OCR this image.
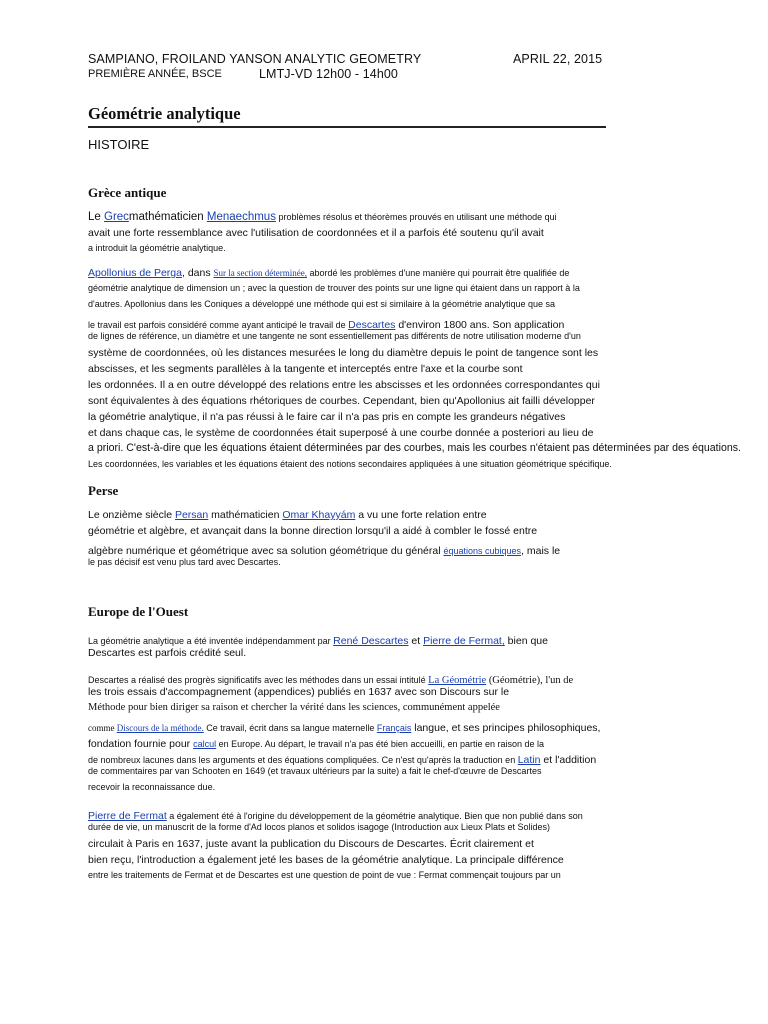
SAMPIANO, FROILAND YANSON ANALYTIC GEOMETRY	APRIL 22, 2015
PREMIÈRE ANNÉE, BSCE	LMTJ-VD 12h00 - 14h00
Géométrie analytique
HISTOIRE
Grèce antique
Le Grecmathématicien Menaechmus problèmes résolus et théorèmes prouvés en utilisant une méthode qui
avait une forte ressemblance avec l'utilisation de coordonnées et il a parfois été soutenu qu'il avait
a introduit la géométrie analytique.
Apollonius de Perga, dans Sur la section déterminée, abordé les problèmes d'une manière qui pourrait être qualifiée de
géométrie analytique de dimension un ; avec la question de trouver des points sur une ligne qui étaient dans un rapport à la
d'autres. Apollonius dans les Coniques a développé une méthode qui est si similaire à la géométrie analytique que sa
le travail est parfois considéré comme ayant anticipé le travail de Descartes d'environ 1800 ans. Son application
de lignes de référence, un diamètre et une tangente ne sont essentiellement pas différents de notre utilisation moderne d'un
système de coordonnées, où les distances mesurées le long du diamètre depuis le point de tangence sont les
abscisses, et les segments parallèles à la tangente et interceptés entre l'axe et la courbe sont
les ordonnées. Il a en outre développé des relations entre les abscisses et les ordonnées correspondantes qui
sont équivalentes à des équations rhétoriques de courbes. Cependant, bien qu'Apollonius ait failli développer
la géométrie analytique, il n'a pas réussi à le faire car il n'a pas pris en compte les grandeurs négatives
et dans chaque cas, le système de coordonnées était superposé à une courbe donnée a posteriori au lieu de
a priori. C'est-à-dire que les équations étaient déterminées par des courbes, mais les courbes n'étaient pas déterminées par des équations.
Les coordonnées, les variables et les équations étaient des notions secondaires appliquées à une situation géométrique spécifique.
Perse
Le onzième siècle Persan mathématicien Omar Khayyám a vu une forte relation entre
géométrie et algèbre, et avançait dans la bonne direction lorsqu'il a aidé à combler le fossé entre
algèbre numérique et géométrique avec sa solution géométrique du général équations cubiques, mais le
le pas décisif est venu plus tard avec Descartes.
Europe de l'Ouest
La géométrie analytique a été inventée indépendamment par René Descartes et Pierre de Fermat, bien que
Descartes est parfois crédité seul.
Descartes a réalisé des progrès significatifs avec les méthodes dans un essai intitulé La Géométrie (Géométrie), l'un de
les trois essais d'accompagnement (appendices) publiés en 1637 avec son Discours sur le
Méthode pour bien diriger sa raison et chercher la vérité dans les sciences, communément appelée
comme Discours de la méthode. Ce travail, écrit dans sa langue maternelle Français langue, et ses principes philosophiques,
fondation fournie pour calcul en Europe. Au départ, le travail n'a pas été bien accueilli, en partie en raison de la
de nombreux lacunes dans les arguments et des équations compliquées. Ce n'est qu'après la traduction en Latin et l'addition
de commentaires par van Schooten en 1649 (et travaux ultérieurs par la suite) a fait le chef-d'œuvre de Descartes
recevoir la reconnaissance due.
Pierre de Fermat a également été à l'origine du développement de la géométrie analytique. Bien que non publié dans son
durée de vie, un manuscrit de la forme d'Ad locos planos et solidos isagoge (Introduction aux Lieux Plats et Solides)
circulait à Paris en 1637, juste avant la publication du Discours de Descartes. Écrit clairement et
bien reçu, l'introduction a également jeté les bases de la géométrie analytique. La principale différence
entre les traitements de Fermat et de Descartes est une question de point de vue : Fermat commençait toujours par un
